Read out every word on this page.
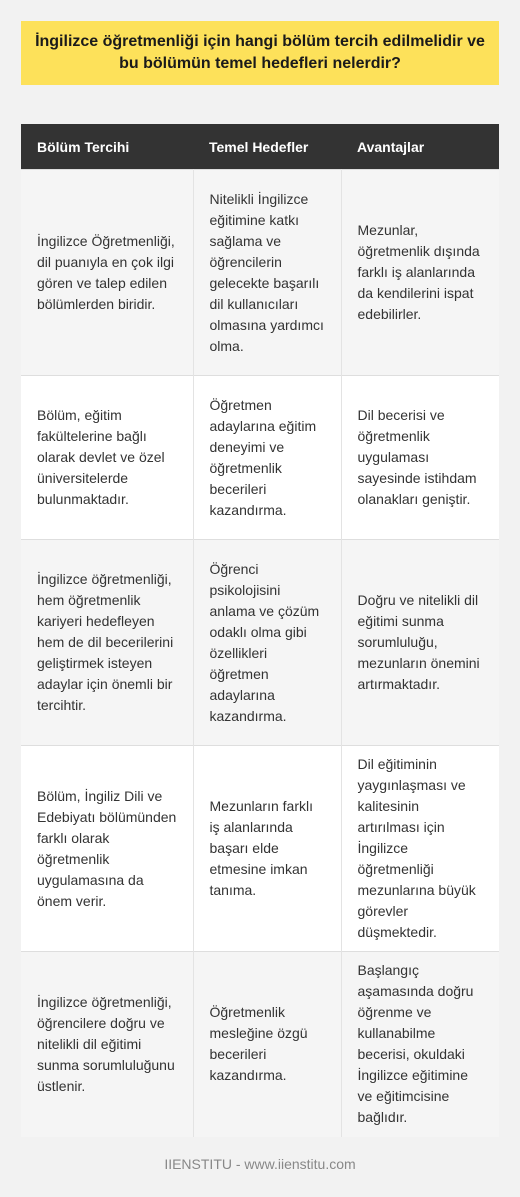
İngilizce öğretmenliği için hangi bölüm tercih edilmelidir ve bu bölümün temel hedefleri nelerdir?
Bölüm Tercihi	Temel Hedefler	Avantajlar
İngilizce Öğretmenliği, dil puanıyla en çok ilgi gören ve talep edilen bölümlerden biridir.	Nitelikli İngilizce eğitimine katkı sağlama ve öğrencilerin gelecekte başarılı dil kullanıcıları olmasına yardımcı olma.	Mezunlar, öğretmenlik dışında farklı iş alanlarında da kendilerini ispat edebilirler.
Bölüm, eğitim fakültelerine bağlı olarak devlet ve özel üniversitelerde bulunmaktadır.	Öğretmen adaylarına eğitim deneyimi ve öğretmenlik becerileri kazandırma.	Dil becerisi ve öğretmenlik uygulaması sayesinde istihdam olanakları geniştir.
İngilizce öğretmenliği, hem öğretmenlik kariyeri hedefleyen hem de dil becerilerini geliştirmek isteyen adaylar için önemli bir tercihtir.	Öğrenci psikolojisini anlama ve çözüm odaklı olma gibi özellikleri öğretmen adaylarına kazandırma.	Doğru ve nitelikli dil eğitimi sunma sorumluluğu, mezunların önemini artırmaktadır.
Bölüm, İngiliz Dili ve Edebiyatı bölümünden farklı olarak öğretmenlik uygulamasına da önem verir.	Mezunların farklı iş alanlarında başarı elde etmesine imkan tanıma.	Dil eğitiminin yaygınlaşması ve kalitesinin artırılması için İngilizce öğretmenliği mezunlarına büyük görevler düşmektedir.
İngilizce öğretmenliği, öğrencilere doğru ve nitelikli dil eğitimi sunma sorumluluğunu üstlenir.	Öğretmenlik mesleğine özgü becerileri kazandırma.	Başlangıç aşamasında doğru öğrenme ve kullanabilme becerisi, okuldaki İngilizce eğitimine ve eğitimcisine bağlıdır.
IIENSTITU - www.iienstitu.com
